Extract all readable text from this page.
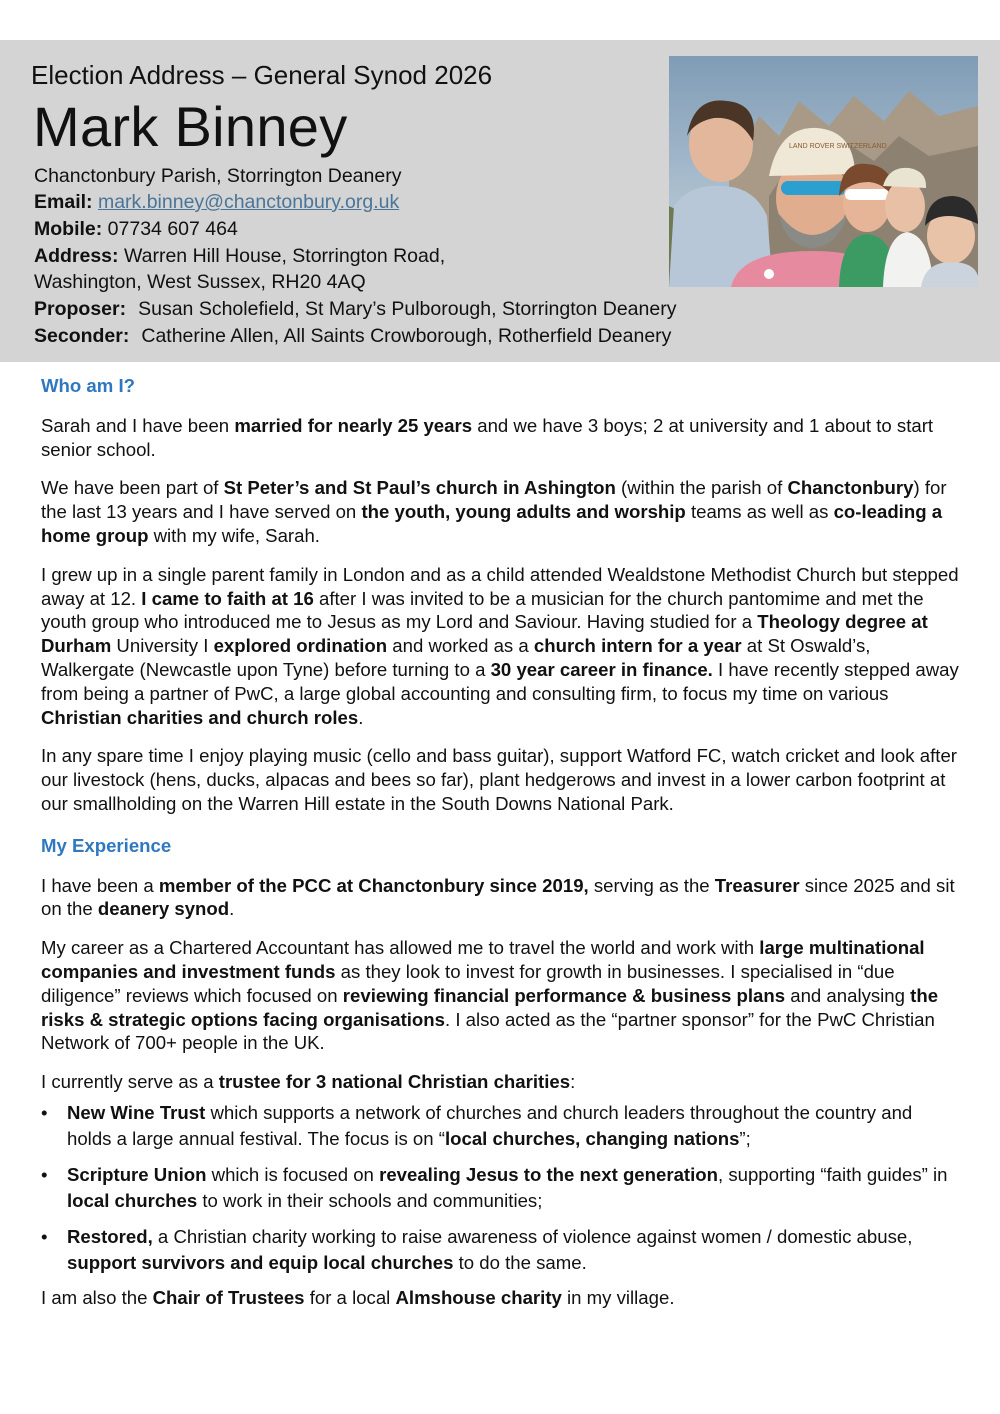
Election Address – General Synod 2026
Mark Binney
Chanctonbury Parish, Storrington Deanery
Email: mark.binney@chanctonbury.org.uk
Mobile: 07734 607 464
Address: Warren Hill House, Storrington Road,
Washington, West Sussex, RH20 4AQ
Proposer: Susan Scholefield, St Mary’s Pulborough, Storrington Deanery
Seconder: Catherine Allen, All Saints Crowborough, Rotherfield Deanery
LAND ROVER SWITZERLAND
Who am I?

Sarah and I have been married for nearly 25 years and we have 3 boys; 2 at university and 1 about to start senior school.

We have been part of St Peter’s and St Paul’s church in Ashington (within the parish of Chanctonbury) for the last 13 years and I have served on the youth, young adults and worship teams as well as co-leading a home group with my wife, Sarah.

I grew up in a single parent family in London and as a child attended Wealdstone Methodist Church but stepped away at 12. I came to faith at 16 after I was invited to be a musician for the church pantomime and met the youth group who introduced me to Jesus as my Lord and Saviour. Having studied for a Theology degree at Durham University I explored ordination and worked as a church intern for a year at St Oswald’s, Walkergate (Newcastle upon Tyne) before turning to a 30 year career in finance. I have recently stepped away from being a partner of PwC, a large global accounting and consulting firm, to focus my time on various Christian charities and church roles.

In any spare time I enjoy playing music (cello and bass guitar), support Watford FC, watch cricket and look after our livestock (hens, ducks, alpacas and bees so far), plant hedgerows and invest in a lower carbon footprint at our smallholding on the Warren Hill estate in the South Downs National Park.

My Experience

I have been a member of the PCC at Chanctonbury since 2019, serving as the Treasurer since 2025 and sit on the deanery synod.

My career as a Chartered Accountant has allowed me to travel the world and work with large multinational companies and investment funds as they look to invest for growth in businesses. I specialised in “due diligence” reviews which focused on reviewing financial performance & business plans and analysing the risks & strategic options facing organisations. I also acted as the “partner sponsor” for the PwC Christian Network of 700+ people in the UK.

I currently serve as a trustee for 3 national Christian charities:

• New Wine Trust which supports a network of churches and church leaders throughout the country and holds a large annual festival. The focus is on “local churches, changing nations”;
• Scripture Union which is focused on revealing Jesus to the next generation, supporting “faith guides” in local churches to work in their schools and communities;
• Restored, a Christian charity working to raise awareness of violence against women / domestic abuse, support survivors and equip local churches to do the same.

I am also the Chair of Trustees for a local Almshouse charity in my village.
